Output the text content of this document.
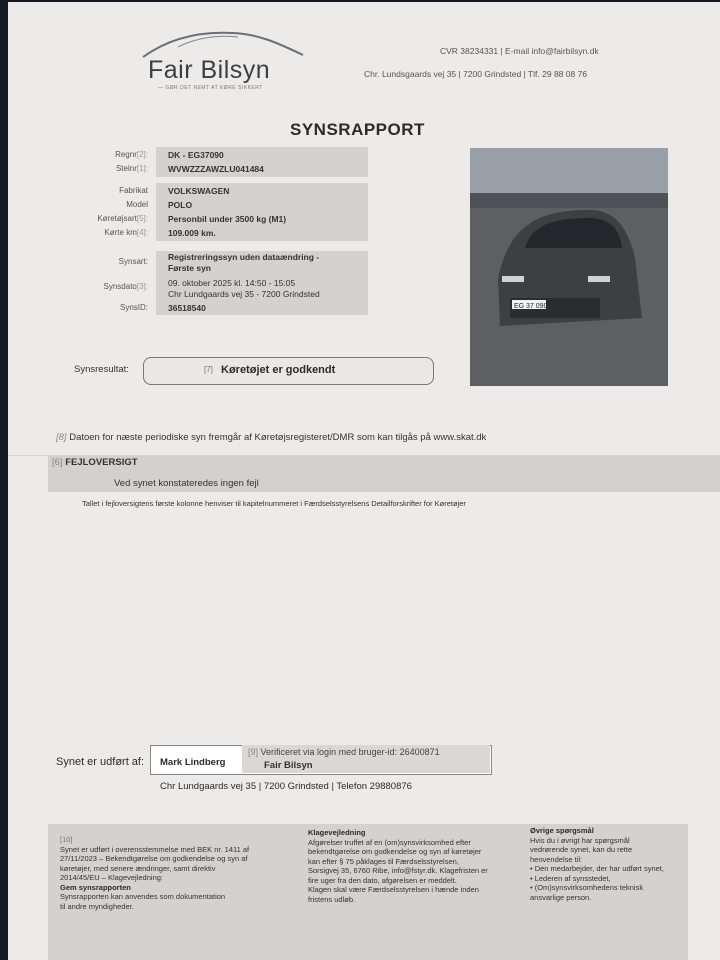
Fair Bilsyn
— GØR DET NEMT AT KØRE SIKKERT
CVR 38234331 | E-mail info@fairbilsyn.dk
Chr. Lundsgaards vej 35 | 7200 Grindsted | Tlf. 29 88 08 76
SYNSRAPPORT
Regnr[2]: DK - EG37090
Stelnr[1]: WVWZZZAWZLU041484
Fabrikat VOLKSWAGEN
Model POLO
Køretøjsart[5]: Personbil under 3500 kg (M1)
Kørte km[4]: 109.009 km.
Synsart: Registreringssyn uden dataændring -
Første syn
Synsdato[3]: 09. oktober 2025 kl. 14:50 - 15:05
Chr Lundgaards vej 35 - 7200 Grindsted
SynsID: 36518540	EG 37 090
Synsresultat:	[7] Køretøjet er godkendt
[8] Datoen for næste periodiske syn fremgår af Køretøjsregisteret/DMR som kan tilgås på www.skat.dk
[6] FEJLOVERSIGT
Ved synet konstateredes ingen fejl
Tallet i fejloversigtens første kolonne henviser til kapitelnummeret i Færdselsstyrelsens Detailforskrifter for Køretøjer
Synet er udført af: Mark Lindberg
[9] Verificeret via login med bruger-id: 26400871
Fair Bilsyn
Chr Lundgaards vej 35 | 7200 Grindsted | Telefon 29880876
[10]
Synet er udført i overensstemmelse med BEK nr. 1411 af
27/11/2023 – Bekendtgørelse om godkendelse og syn af
køretøjer, med senere ændringer, samt direktiv
2014/45/EU – Klagevejledning:
Gem synsrapporten
Synsrapporten kan anvendes som dokumentation
til andre myndigheder.
Klagevejledning
Afgørelser truffet af en (om)synsvirksomhed efter
bekendtgørelse om godkendelse og syn af køretøjer
kan efter § 75 påklages til Færdselsstyrelsen,
Sorsigvej 35, 6760 Ribe, info@fstyr.dk. Klagefristen er
fire uger fra den dato, afgørelsen er meddelt.
Klagen skal være Færdselsstyrelsen i hænde inden
fristens udløb.
Øvrige spørgsmål
Hvis du i øvrigt har spørgsmål
vedrørende synet, kan du rette
henvendelse til:
• Den medarbejder, der har udført synet,
• Lederen af synsstedet,
• (Om)synsvirksomhedens teknisk ansvarlige person.
